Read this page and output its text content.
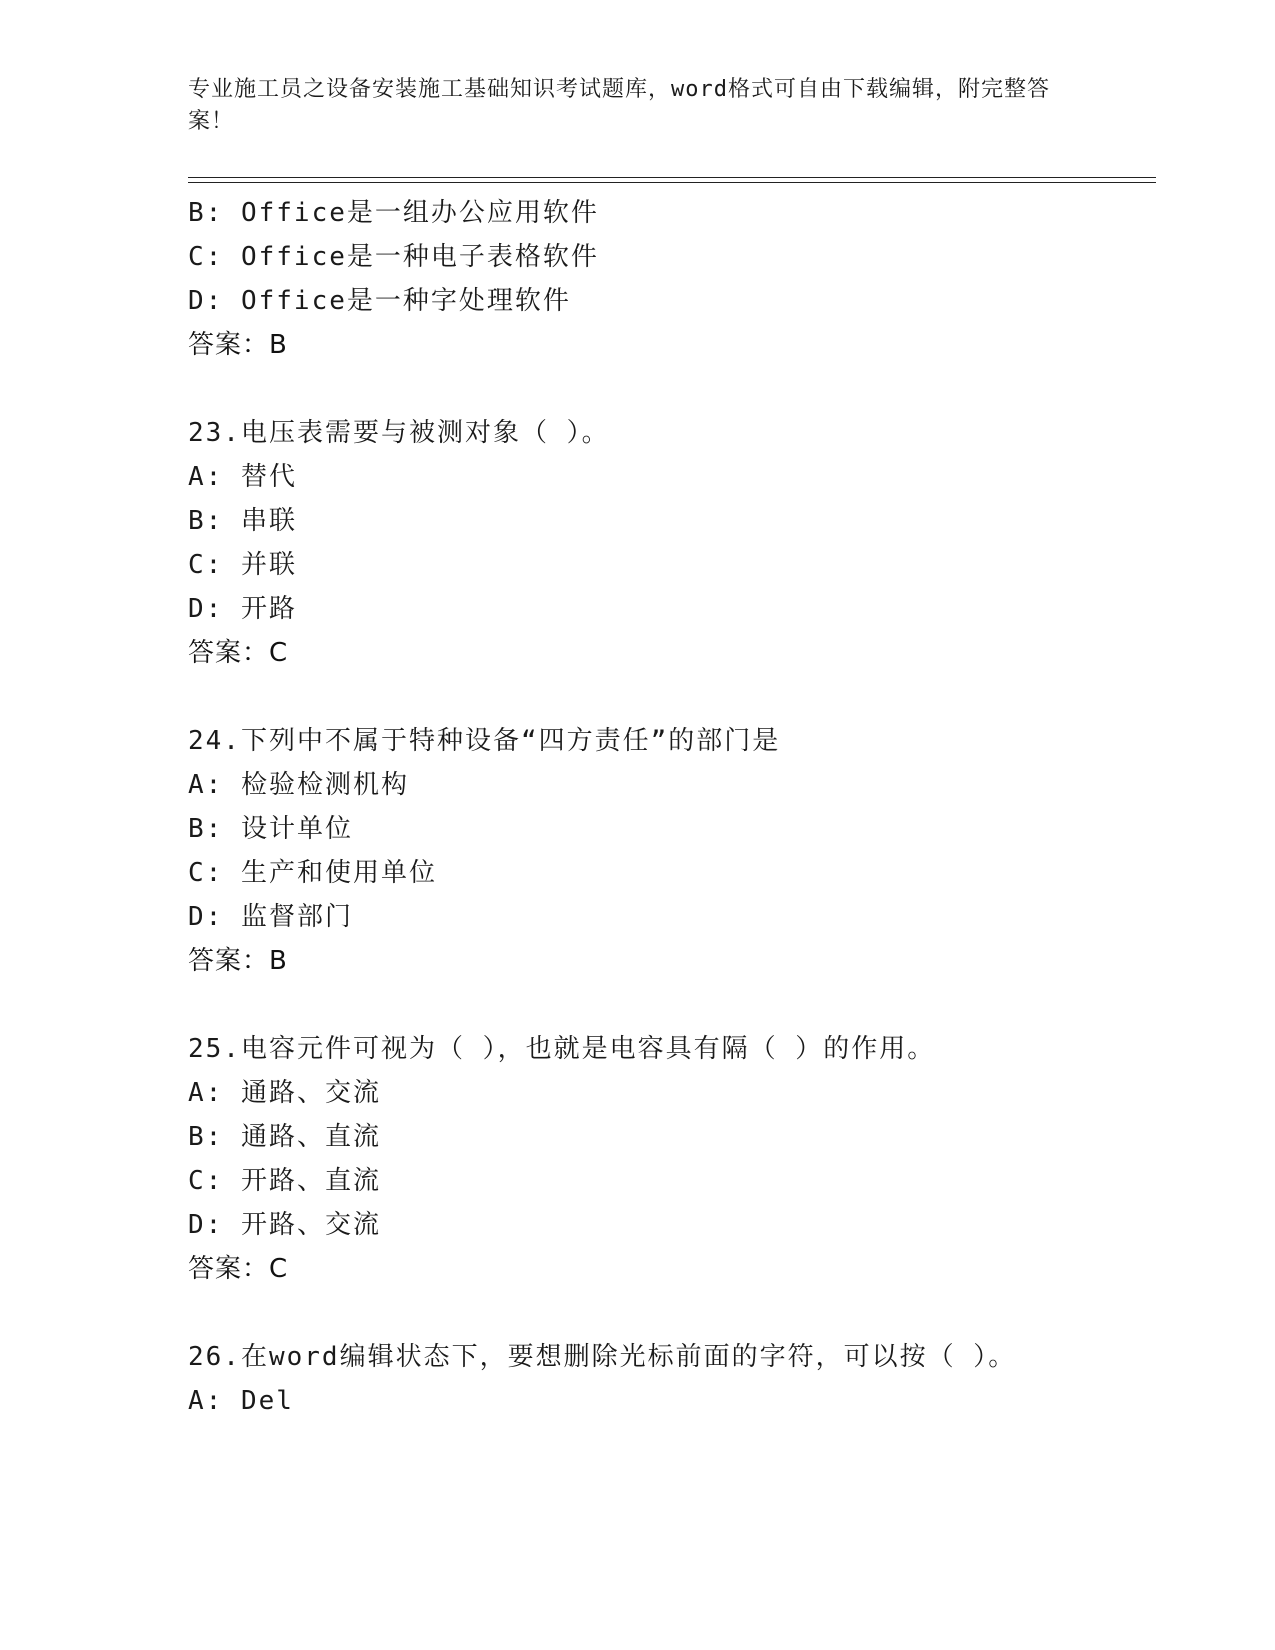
专业施工员之设备安装施工基础知识考试题库，word格式可自由下载编辑，附完整答案！
B: Office是一组办公应用软件
C: Office是一种电子表格软件
D: Office是一种字处理软件
答案：B
23.电压表需要与被测对象（ ）。
A: 替代
B: 串联
C: 并联
D: 开路
答案：C
24.下列中不属于特种设备“四方责任”的部门是
A: 检验检测机构
B: 设计单位
C: 生产和使用单位
D: 监督部门
答案：B
25.电容元件可视为（ ），也就是电容具有隔（ ）的作用。
A: 通路、交流
B: 通路、直流
C: 开路、直流
D: 开路、交流
答案：C
26.在word编辑状态下，要想删除光标前面的字符，可以按（ ）。
A: Del
